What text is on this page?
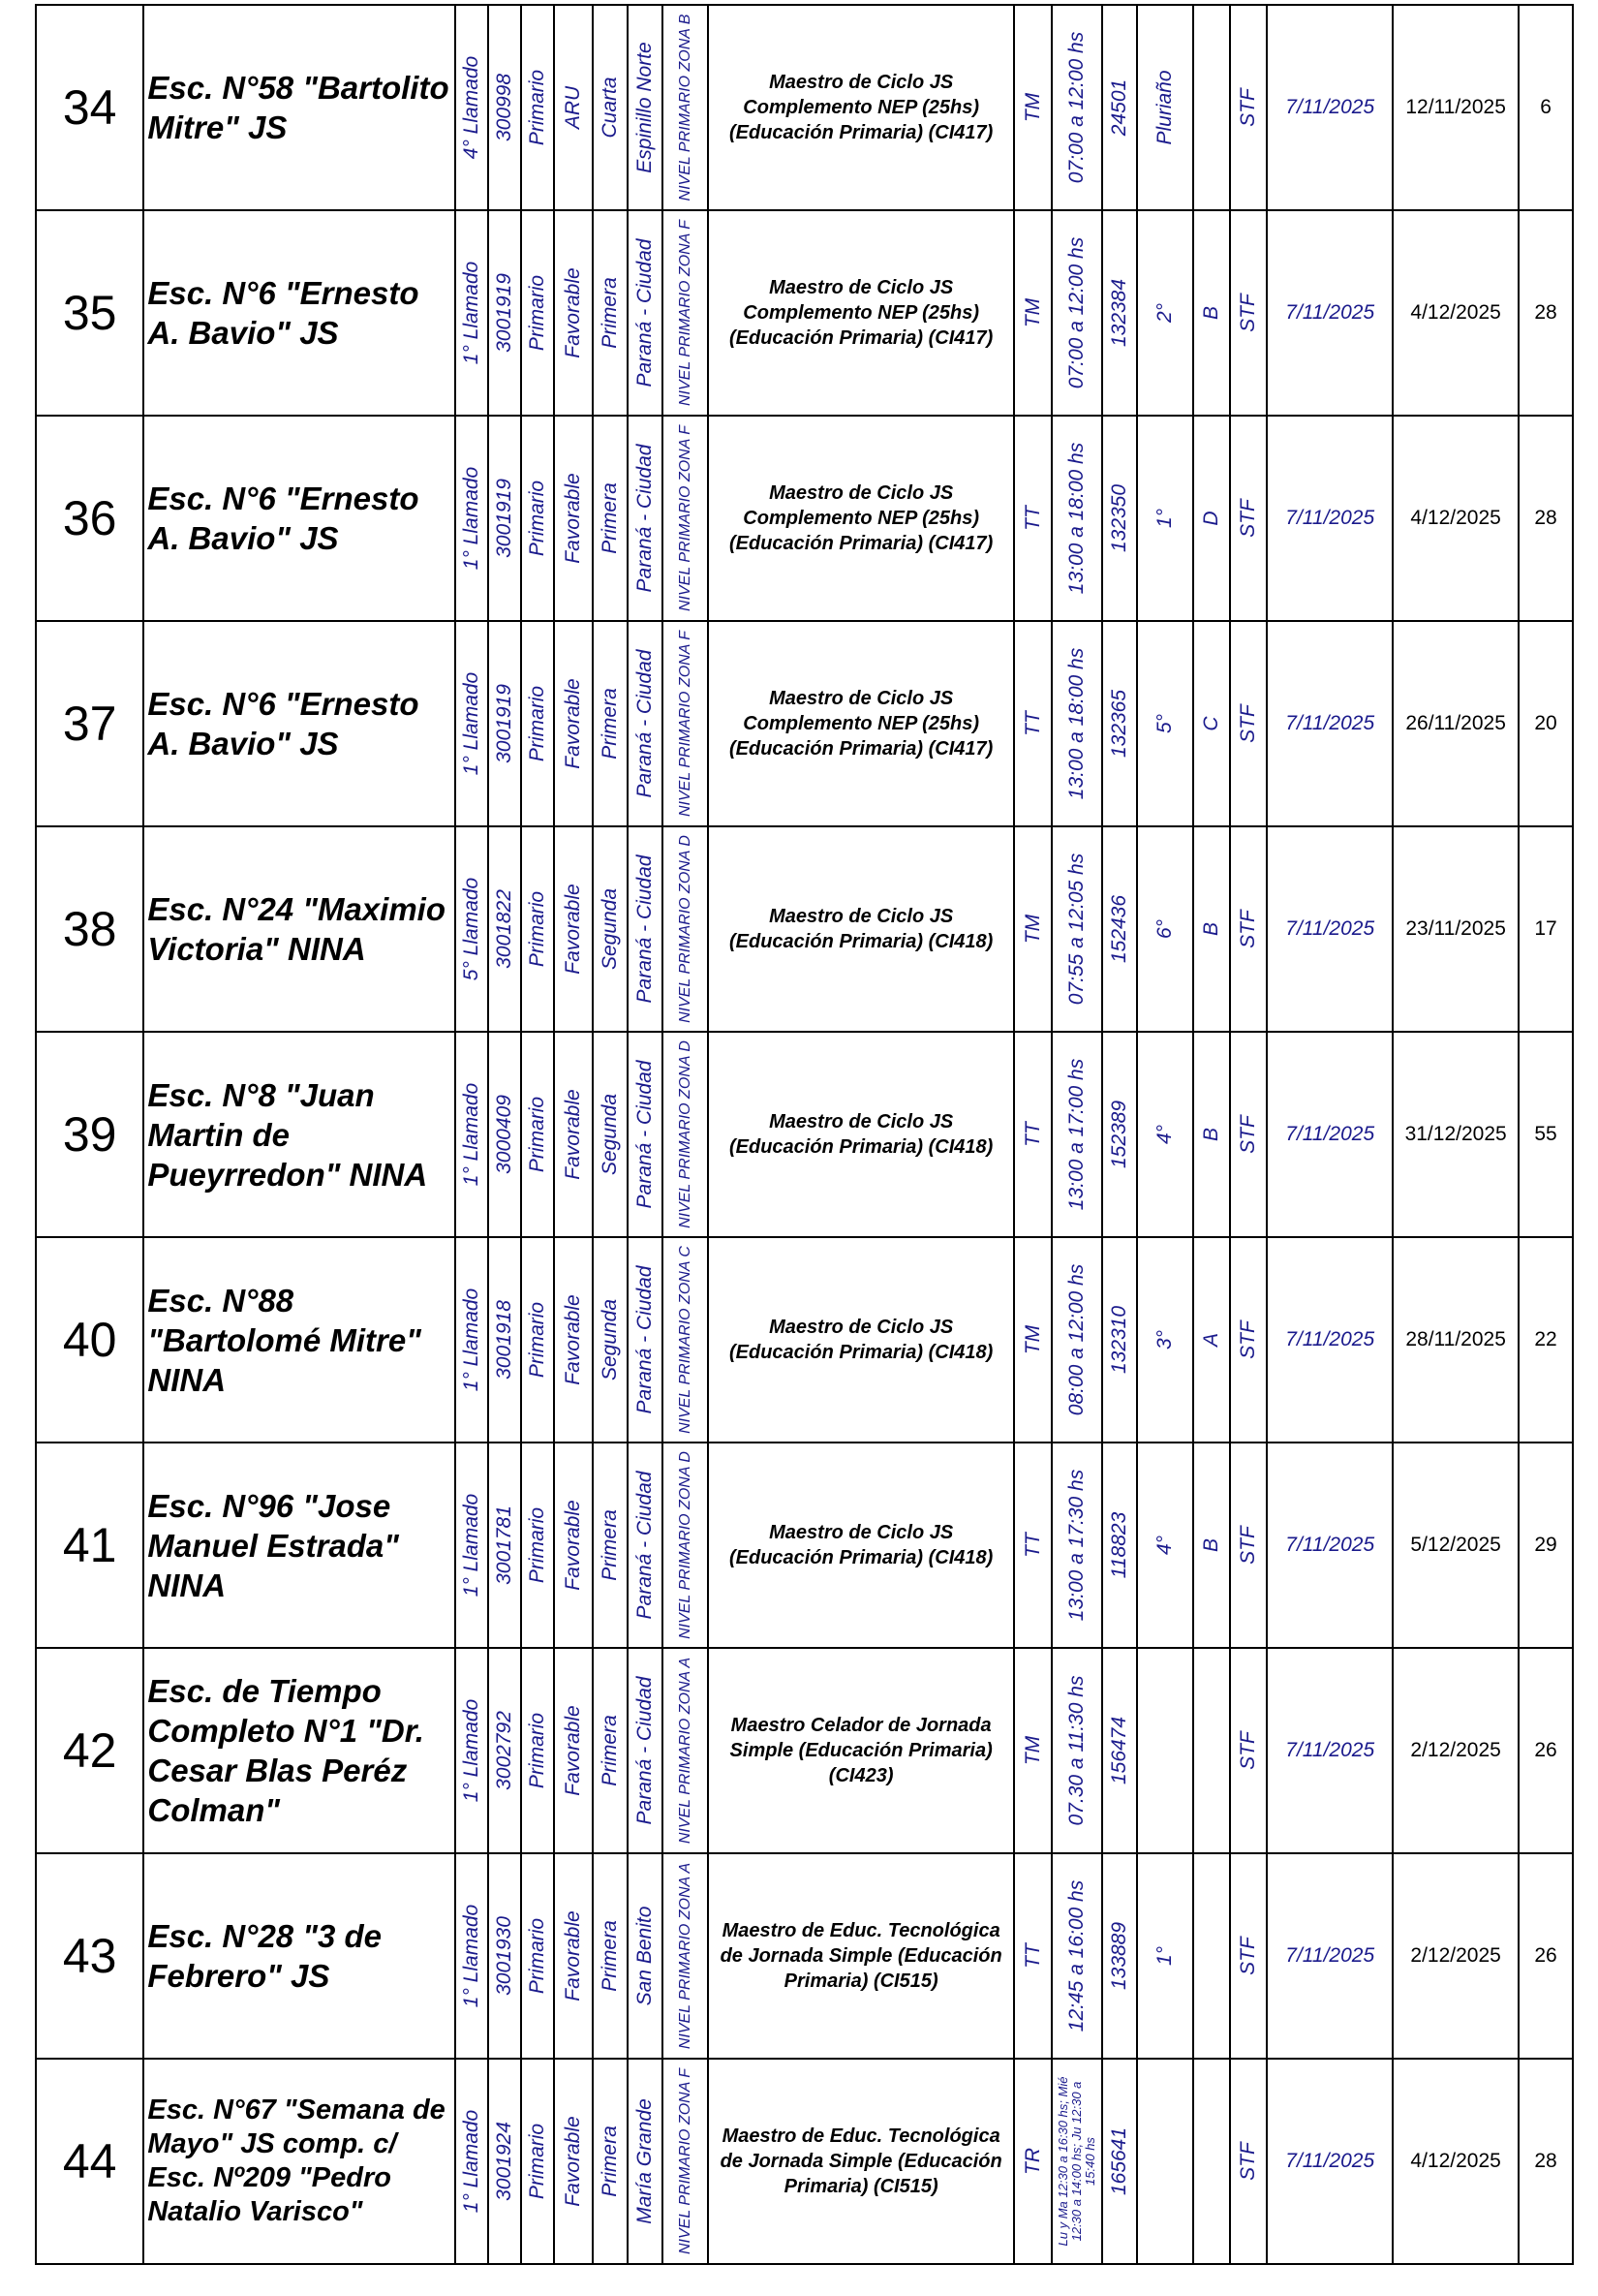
34	Esc. N°58 "Bartolito Mitre" JS	4° Llamado	300998	Primario	ARU	Cuarta	Espinillo Norte	NIVEL PRIMARIO ZONA B	Maestro de Ciclo JS Complemento NEP (25hs) (Educación Primaria) (CI417)	TM	07:00 a 12:00 hs	24501	Pluriaño		STF	7/11/2025	12/11/2025	6
35	Esc. N°6 "Ernesto A. Bavio" JS	1° Llamado	3001919	Primario	Favorable	Primera	Paraná - Ciudad	NIVEL PRIMARIO ZONA F	Maestro de Ciclo JS Complemento NEP (25hs) (Educación Primaria) (CI417)	TM	07:00 a 12:00 hs	132384	2°	B	STF	7/11/2025	4/12/2025	28
36	Esc. N°6 "Ernesto A. Bavio" JS	1° Llamado	3001919	Primario	Favorable	Primera	Paraná - Ciudad	NIVEL PRIMARIO ZONA F	Maestro de Ciclo JS Complemento NEP (25hs) (Educación Primaria) (CI417)	TT	13:00 a 18:00 hs	132350	1°	D	STF	7/11/2025	4/12/2025	28
37	Esc. N°6 "Ernesto A. Bavio" JS	1° Llamado	3001919	Primario	Favorable	Primera	Paraná - Ciudad	NIVEL PRIMARIO ZONA F	Maestro de Ciclo JS Complemento NEP (25hs) (Educación Primaria) (CI417)	TT	13:00 a 18:00 hs	132365	5°	C	STF	7/11/2025	26/11/2025	20
38	Esc. N°24 "Maximio Victoria" NINA	5° Llamado	3001822	Primario	Favorable	Segunda	Paraná - Ciudad	NIVEL PRIMARIO ZONA D	Maestro de Ciclo JS (Educación Primaria) (CI418)	TM	07:55 a 12:05 hs	152436	6°	B	STF	7/11/2025	23/11/2025	17
39	Esc. N°8 "Juan Martin de Pueyrredon" NINA	1° Llamado	3000409	Primario	Favorable	Segunda	Paraná - Ciudad	NIVEL PRIMARIO ZONA D	Maestro de Ciclo JS (Educación Primaria) (CI418)	TT	13:00 a 17:00 hs	152389	4°	B	STF	7/11/2025	31/12/2025	55
40	Esc. N°88 "Bartolomé Mitre" NINA	1° Llamado	3001918	Primario	Favorable	Segunda	Paraná - Ciudad	NIVEL PRIMARIO ZONA C	Maestro de Ciclo JS (Educación Primaria) (CI418)	TM	08:00 a 12:00 hs	132310	3°	A	STF	7/11/2025	28/11/2025	22
41	Esc. N°96 "Jose Manuel Estrada" NINA	1° Llamado	3001781	Primario	Favorable	Primera	Paraná - Ciudad	NIVEL PRIMARIO ZONA D	Maestro de Ciclo JS (Educación Primaria) (CI418)	TT	13:00 a 17:30 hs	118823	4°	B	STF	7/11/2025	5/12/2025	29
42	Esc. de Tiempo Completo N°1 "Dr. Cesar Blas Peréz Colman"	1° Llamado	3002792	Primario	Favorable	Primera	Paraná - Ciudad	NIVEL PRIMARIO ZONA A	Maestro Celador de Jornada Simple (Educación Primaria) (CI423)	TM	07.30 a 11:30 hs	156474			STF	7/11/2025	2/12/2025	26
43	Esc. N°28 "3 de Febrero" JS	1° Llamado	3001930	Primario	Favorable	Primera	San Benito	NIVEL PRIMARIO ZONA A	Maestro de Educ. Tecnológica de Jornada Simple (Educación Primaria) (CI515)	TT	12:45 a 16:00 hs	133889	1°		STF	7/11/2025	2/12/2025	26
44	Esc. N°67 "Semana de Mayo" JS comp. c/ Esc. Nº209 "Pedro Natalio Varisco"	1° Llamado	3001924	Primario	Favorable	Primera	María Grande	NIVEL PRIMARIO ZONA F	Maestro de Educ. Tecnológica de Jornada Simple (Educación Primaria) (CI515)	TR	Lu y Ma 12:30 a 16:30 hs; Mié 12:30 a 14:00 hs; Ju 12:30 a 15:40 hs	165641			STF	7/11/2025	4/12/2025	28
